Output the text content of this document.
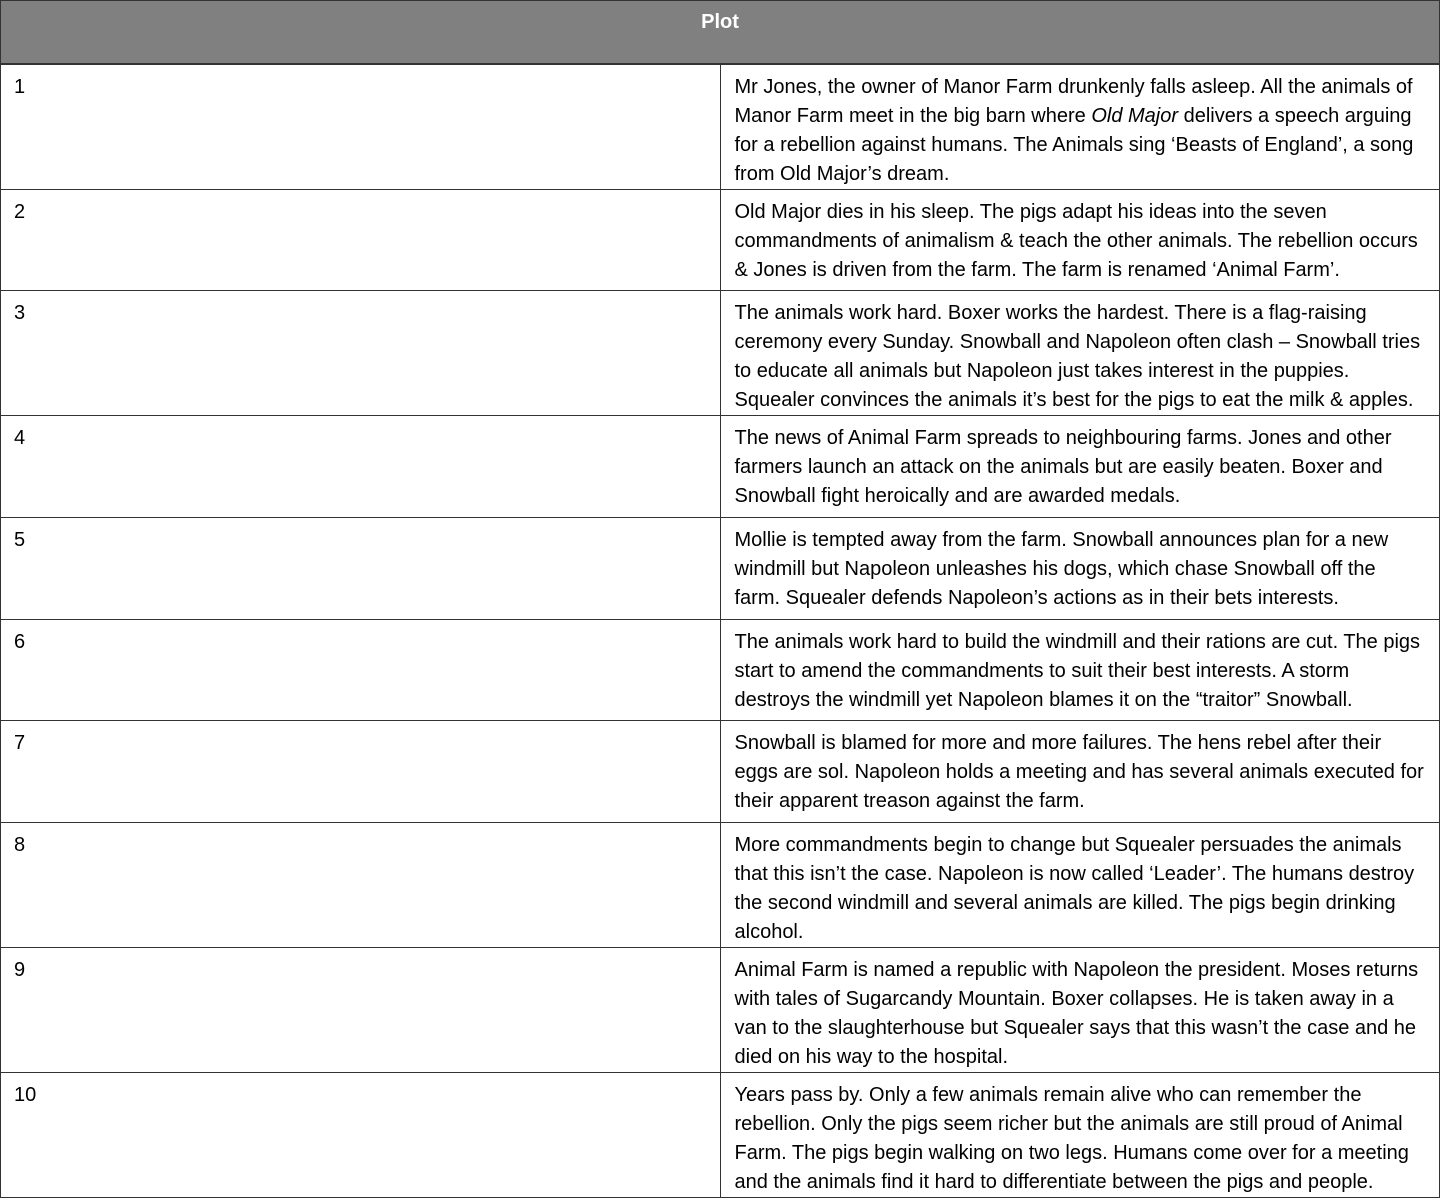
Plot	
1	Mr Jones, the owner of Manor Farm drunkenly falls asleep. All the animals of Manor Farm meet in the big barn where Old Major delivers a speech arguing for a rebellion against humans. The Animals sing ‘Beasts of England’, a song from Old Major’s dream.
2	Old Major dies in his sleep. The pigs adapt his ideas into the seven commandments of animalism & teach the other animals. The rebellion occurs & Jones is driven from the farm. The farm is renamed ‘Animal Farm’.
3	The animals work hard. Boxer works the hardest. There is a flag-raising ceremony every Sunday. Snowball and Napoleon often clash – Snowball tries to educate all animals but Napoleon just takes interest in the puppies. Squealer convinces the animals it’s best for the pigs to eat the milk & apples.
4	The news of Animal Farm spreads to neighbouring farms. Jones and other farmers launch an attack on the animals but are easily beaten. Boxer and Snowball fight heroically and are awarded medals.
5	Mollie is tempted away from the farm. Snowball announces plan for a new windmill but Napoleon unleashes his dogs, which chase Snowball off the farm. Squealer defends Napoleon’s actions as in their bets interests.
6	The animals work hard to build the windmill and their rations are cut. The pigs start to amend the commandments to suit their best interests. A storm destroys the windmill yet Napoleon blames it on the “traitor” Snowball.
7	Snowball is blamed for more and more failures. The hens rebel after their eggs are sol. Napoleon holds a meeting and has several animals executed for their apparent treason against the farm.
8	More commandments begin to change but Squealer persuades the animals that this isn’t the case. Napoleon is now called ‘Leader’. The humans destroy the second windmill and several animals are killed. The pigs begin drinking alcohol.
9	Animal Farm is named a republic with Napoleon the president. Moses returns with tales of Sugarcandy Mountain. Boxer collapses. He is taken away in a van to the slaughterhouse but Squealer says that this wasn’t the case and he died on his way to the hospital.
10	Years pass by. Only a few animals remain alive who can remember the rebellion. Only the pigs seem richer but the animals are still proud of Animal Farm. The pigs begin walking on two legs. Humans come over for a meeting and the animals find it hard to differentiate between the pigs and people.
